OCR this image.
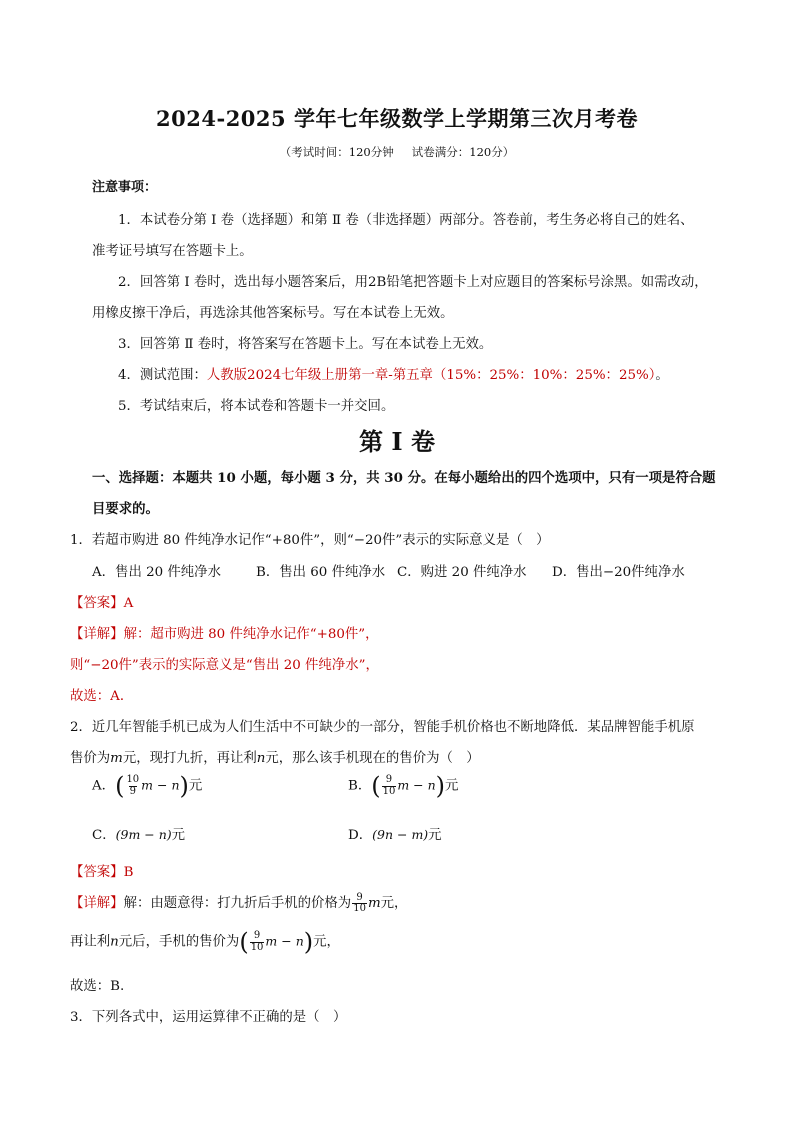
2024-2025 学年七年级数学上学期第三次月考卷
（考试时间：120分钟 试卷满分：120分）
注意事项：
1．本试卷分第 Ⅰ 卷（选择题）和第 Ⅱ 卷（非选择题）两部分。答卷前，考生务必将自己的姓名、
准考证号填写在答题卡上。
2．回答第 Ⅰ 卷时，选出每小题答案后，用2B铅笔把答题卡上对应题目的答案标号涂黑。如需改动，
用橡皮擦干净后，再选涂其他答案标号。写在本试卷上无效。
3．回答第 Ⅱ 卷时，将答案写在答题卡上。写在本试卷上无效。
4．测试范围：人教版2024七年级上册第一章-第五章（15%：25%：10%：25%：25%）。
5．考试结束后，将本试卷和答题卡一并交回。
第 Ⅰ 卷
一、选择题：本题共 10 小题，每小题 3 分，共 30 分。在每小题给出的四个选项中，只有一项是符合题
目要求的。
1．若超市购进 80 件纯净水记作“+80件”，则“−20件”表示的实际意义是（　）
A．售出 20 件纯净水	B．售出 60 件纯净水 C．购进 20 件纯净水 D．售出−20件纯净水
【答案】A
【详解】解：超市购进 80 件纯净水记作“+80件”，
则“−20件”表示的实际意义是“售出 20 件纯净水”，
故选：A．
2．近几年智能手机已成为人们生活中不可缺少的一部分，智能手机价格也不断地降低．某品牌智能手机原
售价为m元，现打九折，再让利n元，那么该手机现在的售价为（　）
A．( $\frac{10}{9}$ m − n)元	B．( $\frac{9}{10}$ m − n)元
C．(9m − n)元	D．(9n − m)元
【答案】B
【详解】解：由题意得：打九折后手机的价格为 $\frac{9}{10}$ m元，
再让利n元后，手机的售价为( $\frac{9}{10}$ m − n)元，
故选：B.
3．下列各式中，运用运算律不正确的是（　）
